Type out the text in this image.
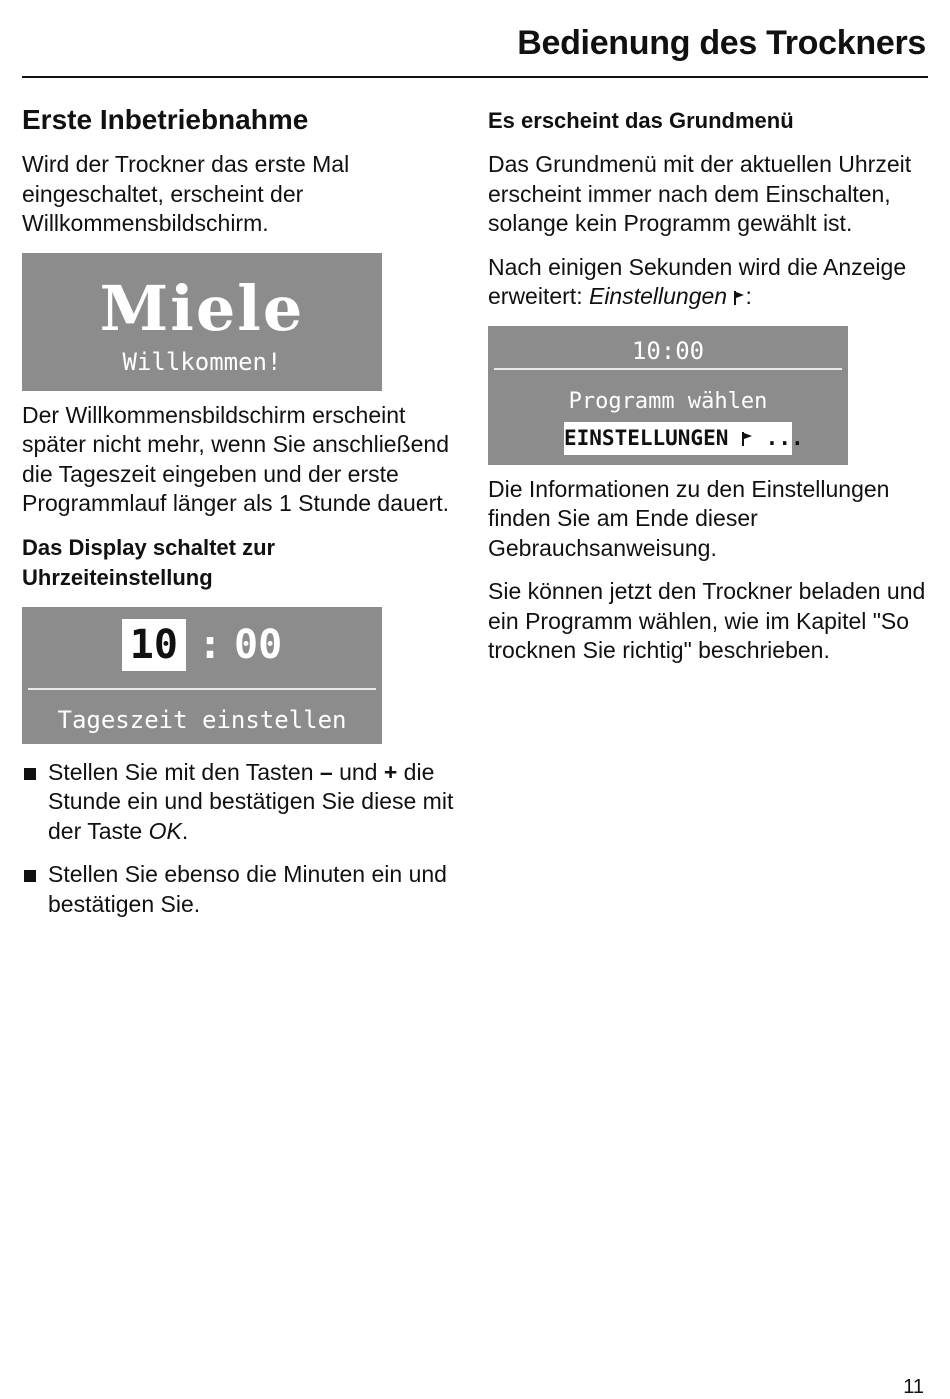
Bedienung des Trockners
Erste Inbetriebnahme

Wird der Trockner das erste Mal eingeschaltet, erscheint der Willkommensbildschirm.

Miele
Willkommen!

Der Willkommensbildschirm erscheint später nicht mehr, wenn Sie anschließend die Tageszeit eingeben und der erste Programmlauf länger als 1 Stunde dauert.

Das Display schaltet zur Uhrzeiteinstellung
10 : 00
Tageszeit einstellen

Stellen Sie mit den Tasten – und + die Stunde ein und bestätigen Sie diese mit der Taste OK.

Stellen Sie ebenso die Minuten ein und bestätigen Sie.

Es erscheint das Grundmenü

Das Grundmenü mit der aktuellen Uhrzeit erscheint immer nach dem Einschalten, solange kein Programm gewählt ist.

Nach einigen Sekunden wird die Anzeige erweitert: Einstellungen :

10:00
Programm wählen
EINSTELLUNGEN  ...

Die Informationen zu den Einstellungen finden Sie am Ende dieser Gebrauchsanweisung.

Sie können jetzt den Trockner beladen und ein Programm wählen, wie im Kapitel "So trocknen Sie richtig" beschrieben.

11
